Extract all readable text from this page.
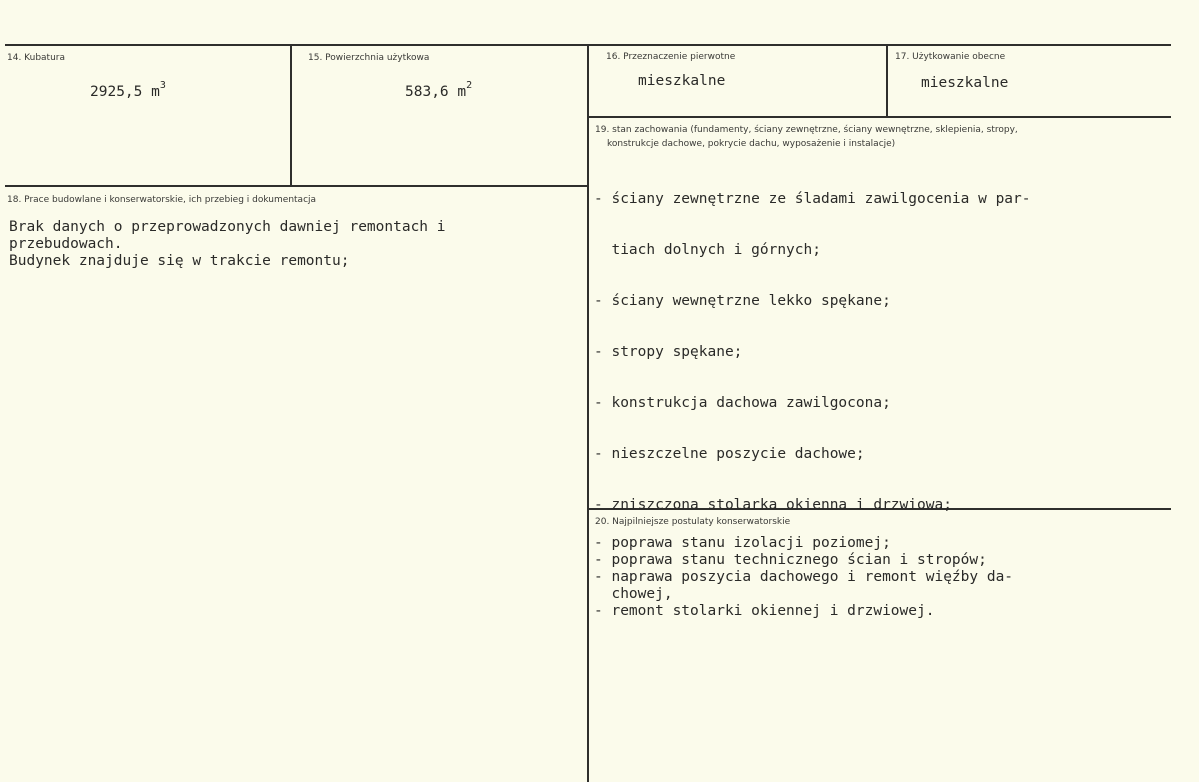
14. Kubatura
2925,5 $m^3$
15. Powierzchnia użytkowa
583,6 $m^2$
16. Przeznaczenie pierwotne
mieszkalne
17. Użytkowanie obecne
mieszkalne
18. Prace budowlane i konserwatorskie, ich przebieg i dokumentacja
Brak danych o przeprowadzonych dawniej remontach i
przebudowach.
Budynek znajduje się w trakcie remontu;
19. stan zachowania (fundamenty, ściany zewnętrzne, ściany wewnętrzne, sklepienia, stropy,
konstrukcje dachowe, pokrycie dachu, wyposażenie i instalacje)

- ściany zewnętrzne ze śladami zawilgocenia w par-

tiach dolnych i górnych;

- ściany wewnętrzne lekko spękane;

- stropy spękane;

- konstrukcja dachowa zawilgocona;

- nieszczelne poszycie dachowe;

- zniszczona stolarka okienna i drzwiowa;

20. Najpilniejsze postulaty konserwatorskie
- poprawa stanu izolacji poziomej;
- poprawa stanu technicznego ścian i stropów;
- naprawa poszycia dachowego i remont więźby da-
chowej,
- remont stolarki okiennej i drzwiowej.
